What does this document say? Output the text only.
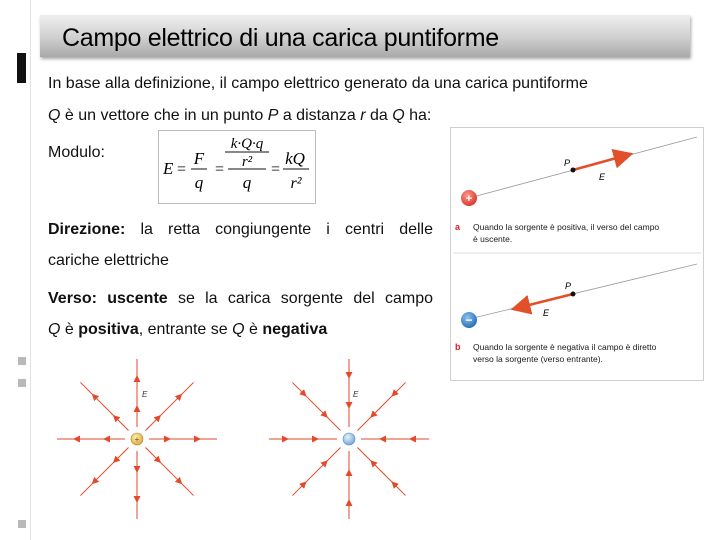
Campo elettrico di una carica puntiforme
In base alla definizione, il campo elettrico generato da una carica puntiforme
Q è un vettore che in un punto P a distanza r da Q ha:
Modulo:
E =
F
q
=
k·Q·q
r²
q
=
kQ
r²
Direzione: la retta congiungente i centri delle
cariche elettriche
Verso: uscente se la carica sorgente del campo
Q è positiva, entrante se Q è negativa
P
E
+
a Quando la sorgente è positiva, il verso del campo
è uscente.
P
E
−
b Quando la sorgente è negativa il campo è diretto
verso la sorgente (verso entrante).
E	E
+
